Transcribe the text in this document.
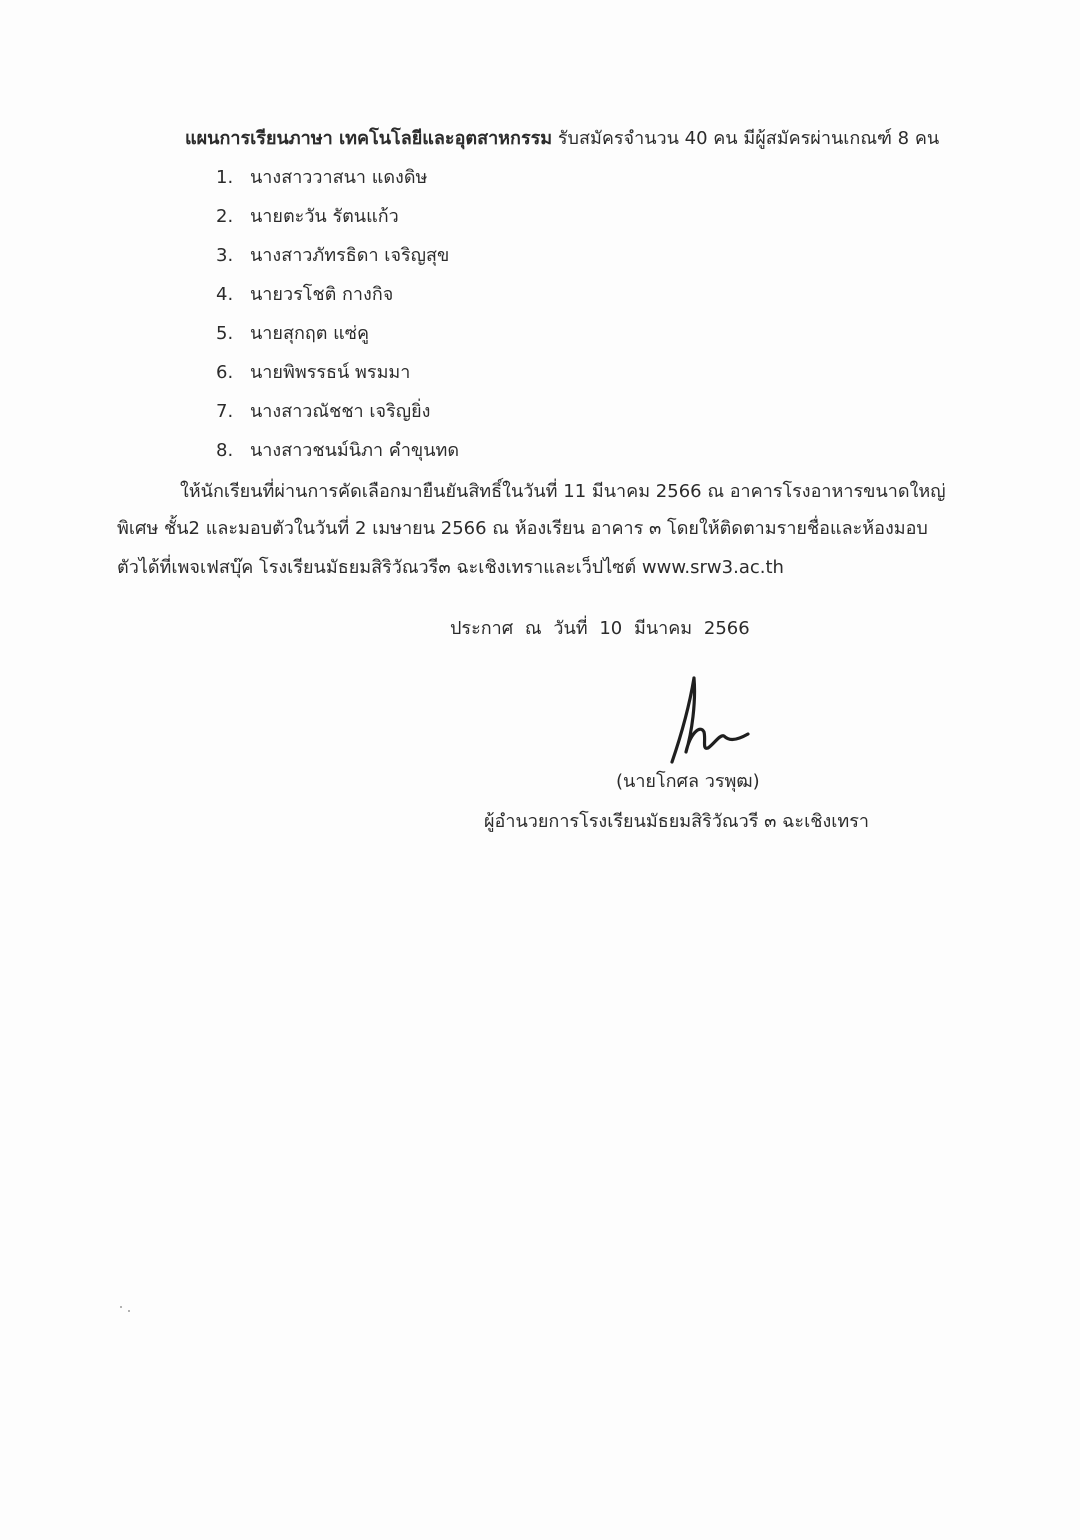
แผนการเรียนภาษา เทคโนโลยีและอุตสาหกรรม รับสมัครจำนวน 40 คน มีผู้สมัครผ่านเกณฑ์ 8 คน
1. นางสาววาสนา แดงดิษ
2. นายตะวัน รัตนแก้ว
3. นางสาวภัทรธิดา เจริญสุข
4. นายวรโชติ กางกิจ
5. นายสุกฤต แซ่คู
6. นายพิพรรธน์ พรมมา
7. นางสาวณัชชา เจริญยิ่ง
8. นางสาวชนม์นิภา คำขุนทด
ให้นักเรียนที่ผ่านการคัดเลือกมายืนยันสิทธิ์ในวันที่ 11 มีนาคม 2566 ณ อาคารโรงอาหารขนาดใหญ่
พิเศษ ชั้น2 และมอบตัวในวันที่ 2 เมษายน 2566 ณ ห้องเรียน อาคาร ๓ โดยให้ติดตามรายชื่อและห้องมอบ
ตัวได้ที่เพจเฟสบุ๊ค โรงเรียนมัธยมสิริวัณวรี๓ ฉะเชิงเทราและเว็ปไซต์ www.srw3.ac.th
ประกาศ ณ วันที่ 10 มีนาคม 2566
(นายโกศล วรพุฒ)
ผู้อำนวยการโรงเรียนมัธยมสิริวัณวรี ๓ ฉะเชิงเทรา
